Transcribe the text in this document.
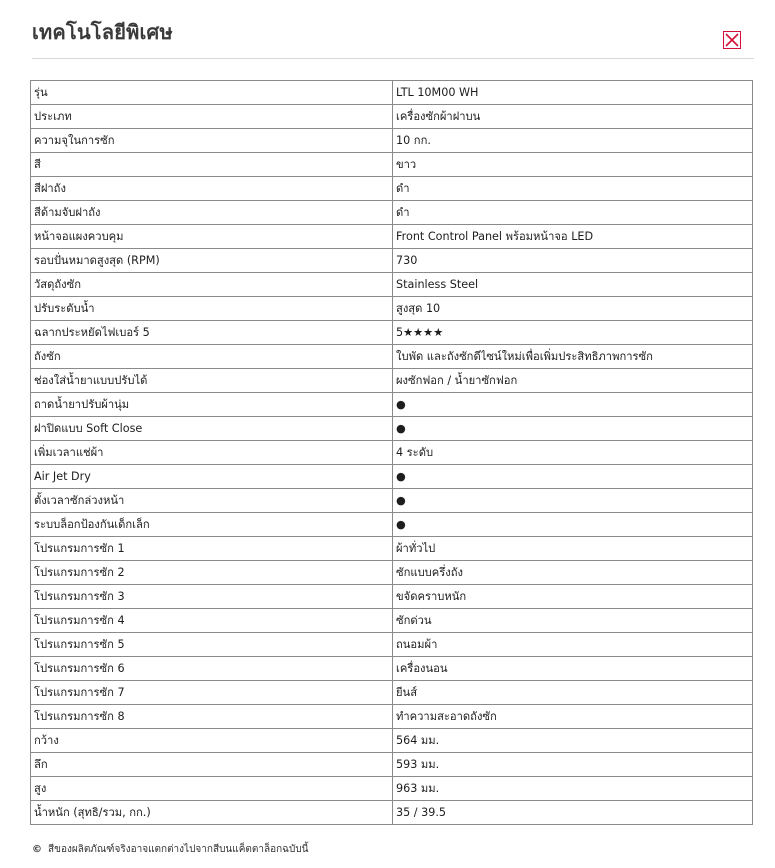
เทคโนโลยีพิเศษ
รุ่น	LTL 10M00 WH
ประเภท	เครื่องซักผ้าฝาบน
ความจุในการซัก	10 กก.
สี	ขาว
สีฝาถัง	ดำ
สีด้ามจับฝาถัง	ดำ
หน้าจอแผงควบคุม	Front Control Panel พร้อมหน้าจอ LED
รอบปั่นหมาดสูงสุด (RPM)	730
วัสดุถังซัก	Stainless Steel
ปรับระดับน้ำ	สูงสุด 10
ฉลากประหยัดไฟเบอร์ 5	5★★★★
ถังซัก	ใบพัด และถังซักดีไซน์ใหม่เพื่อเพิ่มประสิทธิภาพการซัก
ช่องใส่น้ำยาแบบปรับได้	ผงซักฟอก / น้ำยาซักฟอก
ถาดน้ำยาปรับผ้านุ่ม	●
ฝาปิดแบบ Soft Close	●
เพิ่มเวลาแช่ผ้า	4 ระดับ
Air Jet Dry	●
ตั้งเวลาซักล่วงหน้า	●
ระบบล็อกป้องกันเด็กเล็ก	●
โปรแกรมการซัก 1	ผ้าทั่วไป
โปรแกรมการซัก 2	ซักแบบครึ่งถัง
โปรแกรมการซัก 3	ขจัดคราบหนัก
โปรแกรมการซัก 4	ซักด่วน
โปรแกรมการซัก 5	ถนอมผ้า
โปรแกรมการซัก 6	เครื่องนอน
โปรแกรมการซัก 7	ยีนส์
โปรแกรมการซัก 8	ทำความสะอาดถังซัก
กว้าง	564 มม.
ลึก	593 มม.
สูง	963 มม.
น้ำหนัก (สุทธิ/รวม, กก.)	35 / 39.5
© สีของผลิตภัณฑ์จริงอาจแตกต่างไปจากสีบนแค็ตตาล็อกฉบับนี้
